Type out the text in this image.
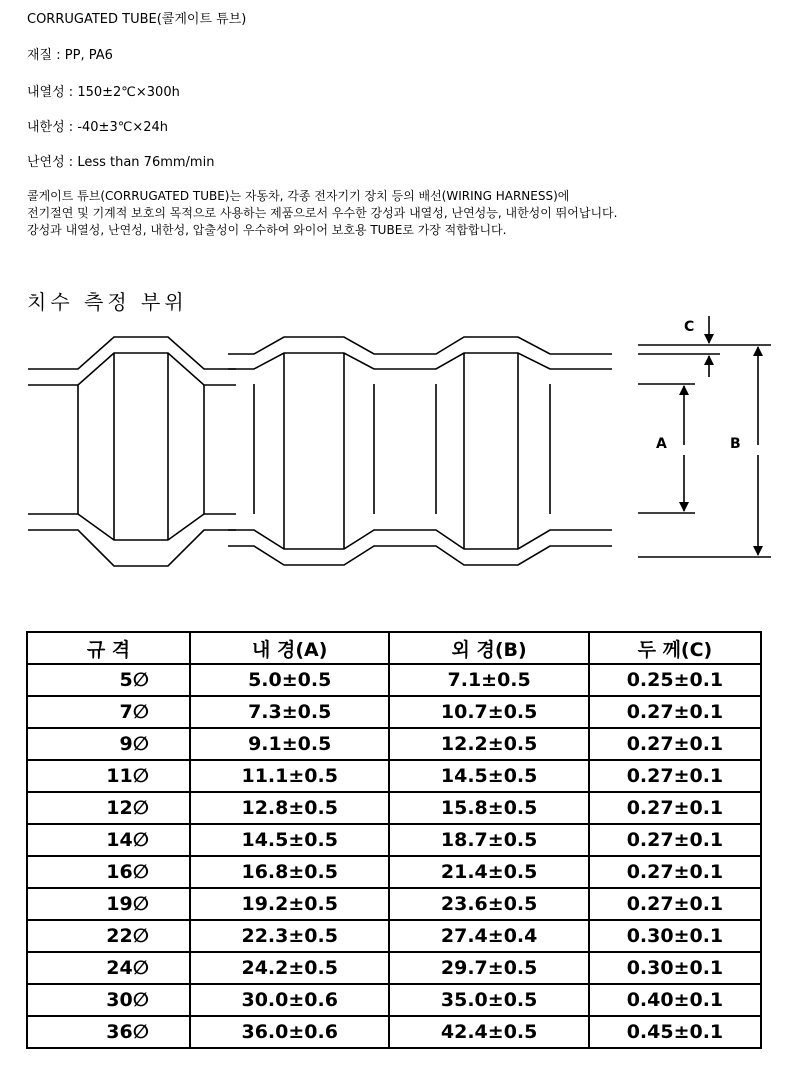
CORRUGATED TUBE(콜게이트 튜브)
재질 : PP, PA6
내열성 : 150±2℃×300h
내한성 : -40±3℃×24h
난연성 : Less than 76mm/min
콜게이트 튜브(CORRUGATED TUBE)는 자동차, 각종 전자기기 장치 등의 배선(WIRING HARNESS)에
전기절연 및 기계적 보호의 목적으로 사용하는 제품으로서 우수한 강성과 내열성, 난연성능, 내한성이 뛰어납니다.
강성과 내열성, 난연성, 내한성, 압출성이 우수하여 와이어 보호용 TUBE로 가장 적합합니다.
치수 측정 부위
A	B
C
규 격	내 경(A)	외 경(B)	두 께(C)
5∅	5.0±0.5	7.1±0.5	0.25±0.1
7∅	7.3±0.5	10.7±0.5	0.27±0.1
9∅	9.1±0.5	12.2±0.5	0.27±0.1
11∅	11.1±0.5	14.5±0.5	0.27±0.1
12∅	12.8±0.5	15.8±0.5	0.27±0.1
14∅	14.5±0.5	18.7±0.5	0.27±0.1
16∅	16.8±0.5	21.4±0.5	0.27±0.1
19∅	19.2±0.5	23.6±0.5	0.27±0.1
22∅	22.3±0.5	27.4±0.4	0.30±0.1
24∅	24.2±0.5	29.7±0.5	0.30±0.1
30∅	30.0±0.6	35.0±0.5	0.40±0.1
36∅	36.0±0.6	42.4±0.5	0.45±0.1
